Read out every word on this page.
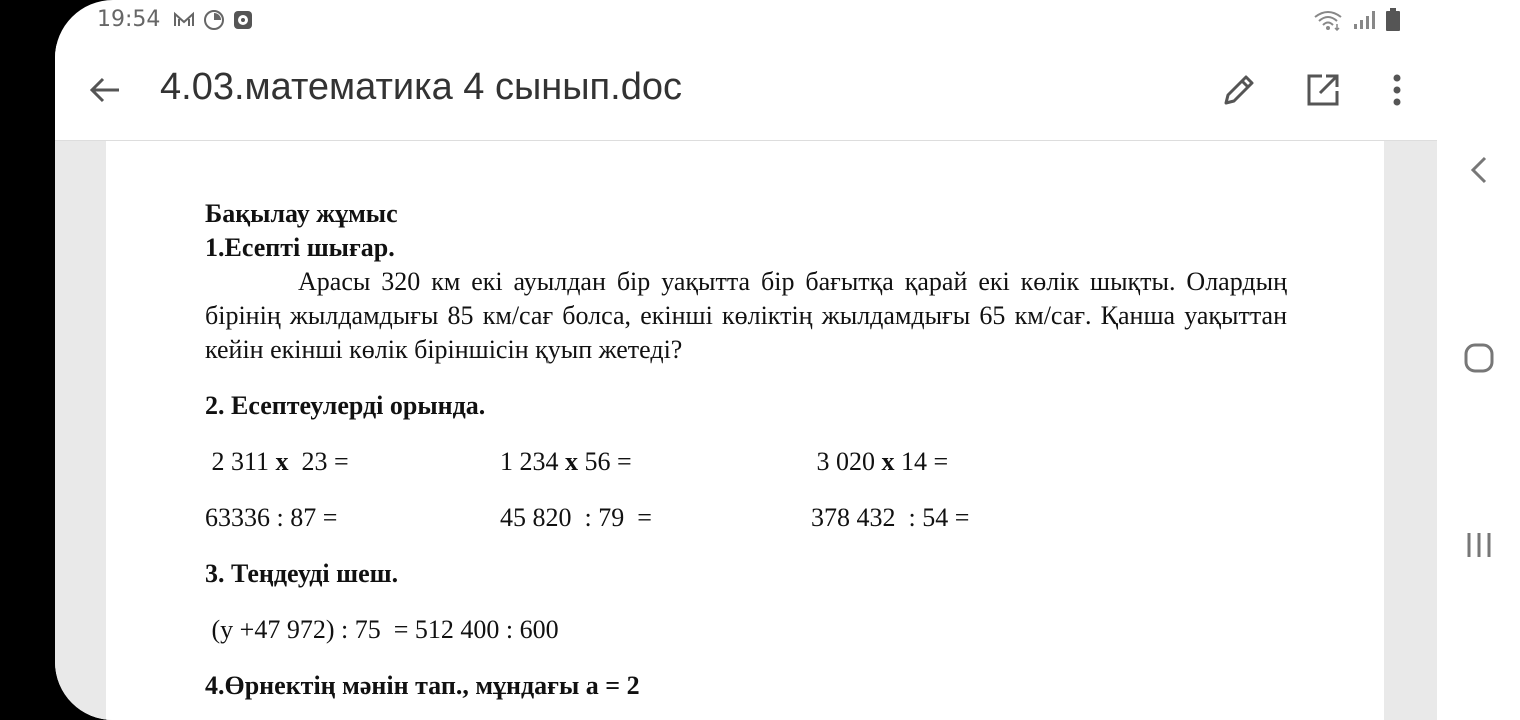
19:54
4.03.математика 4 сынып.doc
Бақылау жұмыс
1.Есепті шығар.

Арасы 320 км екі ауылдан бір уақытта бір бағытқа қарай екі көлік шықты. Олардың бірінің жылдамдығы 85 км/сағ болса, екінші көліктің жылдамдығы 65 км/сағ. Қанша уақыттан кейін екінші көлік біріншісін қуып жетеді?

2. Есептеулерді орында.
2 311 х  23 =	1 234 х 56 =	3 020 х 14 =
63336 : 87 =	45 820  : 79  =	378 432  : 54 =
3. Теңдеуді шеш.
(у +47 972) : 75  = 512 400 : 600
4.Өрнектің мәнін тап., мұндағы а = 2
